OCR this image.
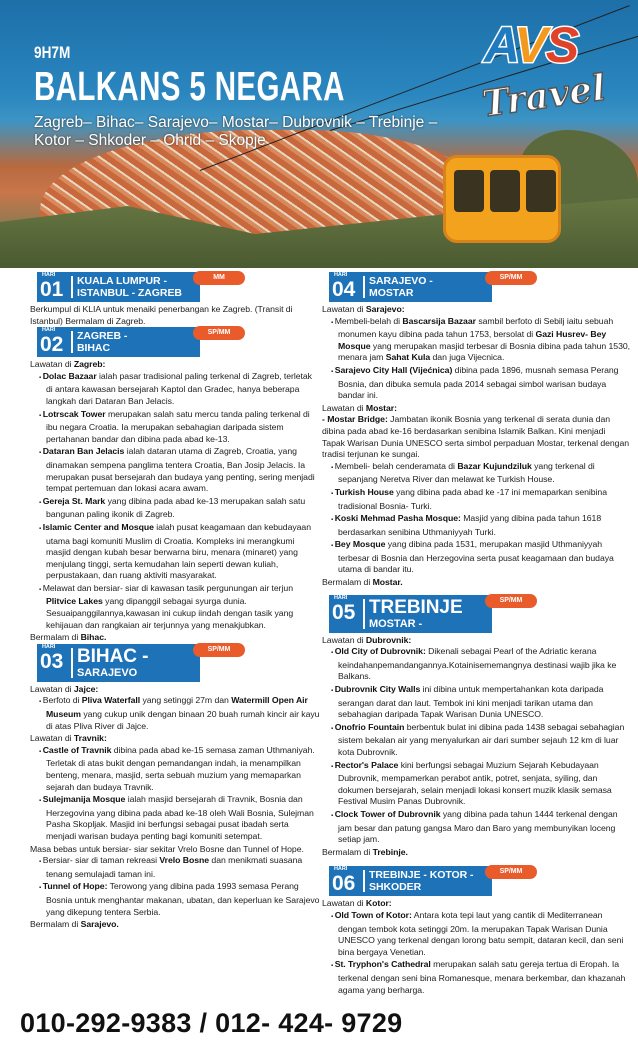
9H7M
BALKANS 5 NEGARA
Zagreb– Bihac– Sarajevo– Mostar– Dubrovnik – Trebinje – Kotor – Shkoder – Ohrid – Skopje
AVS
Travel
HARI
01 KUALA LUMPUR -
ISTANBUL - ZAGREB
MM
Berkumpul di KLIA untuk menaiki penerbangan ke Zagreb. (Transit di Istanbul) Bermalam di Zagreb.
HARI
02 ZAGREB -
BIHAC
SP/MM
Lawatan di Zagreb:
▪ Dolac Bazaar ialah pasar tradisional paling terkenal di Zagreb, terletak di antara kawasan bersejarah Kaptol dan Gradec, hanya beberapa langkah dari Dataran Ban Jelacis.
▪ Lotrscak Tower merupakan salah satu mercu tanda paling terkenal di ibu negara Croatia. Ia merupakan sebahagian daripada sistem pertahanan bandar dan dibina pada abad ke-13.
▪ Dataran Ban Jelacis ialah dataran utama di Zagreb, Croatia, yang dinamakan sempena panglima tentera Croatia, Ban Josip Jelacis. Ia merupakan pusat bersejarah dan budaya yang penting, sering menjadi tempat pertemuan dan lokasi acara awam.
▪ Gereja St. Mark yang dibina pada abad ke-13 merupakan salah satu bangunan paling ikonik di Zagreb.
▪ Islamic Center and Mosque ialah pusat keagamaan dan kebudayaan utama bagi komuniti Muslim di Croatia. Kompleks ini merangkumi masjid dengan kubah besar berwarna biru, menara (minaret) yang menjulang tinggi, serta kemudahan lain seperti dewan kuliah, perpustakaan, dan ruang aktiviti masyarakat.
▪ Melawat dan bersiar- siar di kawasan tasik pergunungan air terjun Plitvice Lakes yang dipanggil sebagai syurga dunia. Sesuaipanggilannya,kawasan ini cukup iindah dengan tasik yang kehijauan dan rangkaian air terjunnya yang menakjubkan.
Bermalam di Bihac.
HARI
03 BIHAC -
SARAJEVO
SP/MM
Lawatan di Jajce:
▪ Berfoto di Pliva Waterfall yang setinggi 27m dan Watermill Open Air Museum yang cukup unik dengan binaan 20 buah rumah kincir air kayu di atas Pliva River di Jajce.
Lawatan di Travnik:
▪ Castle of Travnik dibina pada abad ke-15 semasa zaman Uthmaniyah. Terletak di atas bukit dengan pemandangan indah, ia menampilkan benteng, menara, masjid, serta sebuah muzium yang memaparkan sejarah dan budaya Travnik.
▪ Sulejmanija Mosque ialah masjid bersejarah di Travnik, Bosnia dan Herzegovina yang dibina pada abad ke-18 oleh Wali Bosnia, Sulejman Pasha Skopljak. Masjid ini berfungsi sebagai pusat ibadah serta menjadi warisan budaya penting bagi komuniti setempat.
Masa bebas untuk bersiar- siar sekitar Vrelo Bosne dan Tunnel of Hope.
▪ Bersiar- siar di taman rekreasi Vrelo Bosne dan menikmati suasana tenang semulajadi taman ini.
▪ Tunnel of Hope: Terowong yang dibina pada 1993 semasa Perang Bosnia untuk menghantar makanan, ubatan, dan keperluan ke Sarajevo yang dikepung tentera Serbia.
Bermalam di Sarajevo.
HARI
04 SARAJEVO -
MOSTAR
SP/MM
Lawatan di Sarajevo:
▪ Membeli-belah di Bascarsija Bazaar sambil berfoto di Sebilj iaitu sebuah monumen kayu dibina pada tahun 1753, bersolat di Gazi Husrev- Bey Mosque yang merupakan masjid terbesar di Bosnia dibina pada tahun 1530, menara jam Sahat Kula dan juga Vijecnica.
▪ Sarajevo City Hall (Vijećnica) dibina pada 1896, musnah semasa Perang Bosnia, dan dibuka semula pada 2014 sebagai simbol warisan budaya bandar ini.
Lawatan di Mostar:
- Mostar Bridge: Jambatan ikonik Bosnia yang terkenal di serata dunia dan dibina pada abad ke-16 berdasarkan senibina Islamik Balkan. Kini menjadi Tapak Warisan Dunia UNESCO serta simbol perpaduan Mostar, terkenal dengan tradisi terjunan ke sungai.
▪ Membeli- belah cenderamata di Bazar Kujundziluk yang terkenal di sepanjang Neretva River dan melawat ke Turkish House.
▪ Turkish House yang dibina pada abad ke -17 ini memaparkan senibina tradisional Bosnia- Turki.
▪ Koski Mehmad Pasha Mosque: Masjid yang dibina pada tahun 1618 berdasarkan senibina Uthmaniyyah Turki.
▪ Bey Mosque yang dibina pada 1531, merupakan masjid Uthmaniyyah terbesar di Bosnia dan Herzegovina serta pusat keagamaan dan budaya utama di bandar itu.
Bermalam di Mostar.
HARI
05 TREBINJE
MOSTAR -
SP/MM
Lawatan di Dubrovnik:
▪ Old City of Dubrovnik: Dikenali sebagai Pearl of the Adriatic kerana keindahanpemandangannya.Kotainisememangnya destinasi wajib jika ke Balkans.
▪ Dubrovnik City Walls ini dibina untuk mempertahankan kota daripada serangan darat dan laut. Tembok ini kini menjadi tarikan utama dan sebahagian daripada Tapak Warisan Dunia UNESCO.
▪ Onofrio Fountain berbentuk bulat ini dibina pada 1438 sebagai sebahagian sistem bekalan air yang menyalurkan air dari sumber sejauh 12 km di luar kota Dubrovnik.
▪ Rector's Palace kini berfungsi sebagai Muzium Sejarah Kebudayaan Dubrovnik, mempamerkan perabot antik, potret, senjata, syiling, dan dokumen bersejarah, selain menjadi lokasi konsert muzik klasik semasa Festival Musim Panas Dubrovnik.
▪ Clock Tower of Dubrovnik yang dibina pada tahun 1444 terkenal dengan jam besar dan patung gangsa Maro dan Baro yang membunyikan loceng setiap jam.
Bermalam di Trebinje.
HARI
06 TREBINJE - KOTOR -
SHKODER
SP/MM
Lawatan di Kotor:
▪ Old Town of Kotor: Antara kota tepi laut yang cantik di Mediterranean dengan tembok kota setinggi 20m. Ia merupakan Tapak Warisan Dunia UNESCO yang terkenal dengan lorong batu sempit, dataran kecil, dan seni bina bergaya Venetian.
▪ St. Tryphon's Cathedral merupakan salah satu gereja tertua di Eropah. Ia terkenal dengan seni bina Romanesque, menara berkembar, dan khazanah agama yang berharga.
010-292-9383 / 012- 424- 9729
